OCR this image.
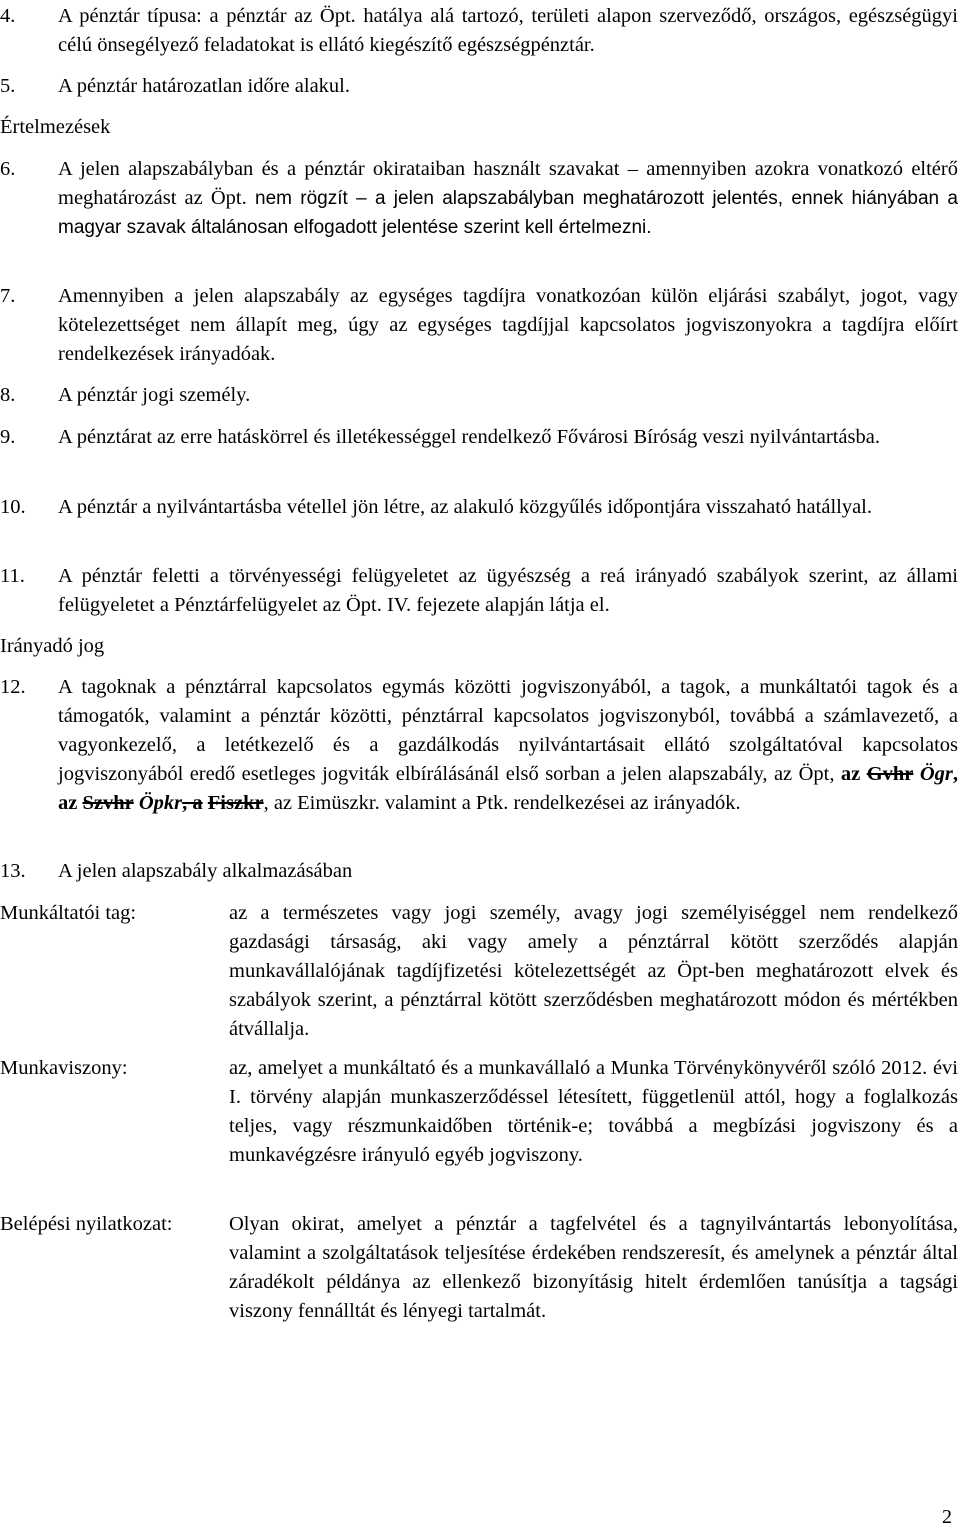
4. A pénztár típusa: a pénztár az Öpt. hatálya alá tartozó, területi alapon szerveződő, országos, egészségügyi célú önsegélyező feladatokat is ellátó kiegészítő egészségpénztár.
5. A pénztár határozatlan időre alakul.
Értelmezések
6. A jelen alapszabályban és a pénztár okirataiban használt szavakat – amennyiben azokra vonatkozó eltérő meghatározást az Öpt. nem rögzít – a jelen alapszabályban meghatározott jelentés, ennek hiányában a magyar szavak általánosan elfogadott jelentése szerint kell értelmezni.
7. Amennyiben a jelen alapszabály az egységes tagdíjra vonatkozóan külön eljárási szabályt, jogot, vagy kötelezettséget nem állapít meg, úgy az egységes tagdíjjal kapcsolatos jogviszonyokra a tagdíjra előírt rendelkezések irányadóak.
8. A pénztár jogi személy.
9. A pénztárat az erre hatáskörrel és illetékességgel rendelkező Fővárosi Bíróság veszi nyilvántartásba.
10. A pénztár a nyilvántartásba vétellel jön létre, az alakuló közgyűlés időpontjára visszaható hatállyal.
11. A pénztár feletti a törvényességi felügyeletet az ügyészség a reá irányadó szabályok szerint, az állami felügyeletet a Pénztárfelügyelet az Öpt. IV. fejezete alapján látja el.
Irányadó jog
12. A tagoknak a pénztárral kapcsolatos egymás közötti jogviszonyából, a tagok, a munkáltatói tagok és a támogatók, valamint a pénztár közötti, pénztárral kapcsolatos jogviszonyból, továbbá a számlavezető, a vagyonkezelő, a letétkezelő és a gazdálkodás nyilvántartásait ellátó szolgáltatóval kapcsolatos jogviszonyából eredő esetleges jogviták elbírálásánál első sorban a jelen alapszabály, az Öpt, az Gvhr Ögr, az Szvhr Öpkr, a Fiszkr, az Eimüszkr. valamint a Ptk. rendelkezései az irányadók.
13. A jelen alapszabály alkalmazásában
Munkáltatói tag:	az a természetes vagy jogi személy, avagy jogi személyiséggel nem rendelkező gazdasági társaság, aki vagy amely a pénztárral kötött szerződés alapján munkavállalójának tagdíjfizetési kötelezettségét az Öpt-ben meghatározott elvek és szabályok szerint, a pénztárral kötött szerződésben meghatározott módon és mértékben átvállalja.
Munkaviszony:	az, amelyet a munkáltató és a munkavállaló a Munka Törvénykönyvéről szóló 2012. évi I. törvény alapján munkaszerződéssel létesített, függetlenül attól, hogy a foglalkozás teljes, vagy részmunkaidőben történik-e; továbbá a megbízási jogviszony és a munkavégzésre irányuló egyéb jogviszony.
Belépési nyilatkozat:	Olyan okirat, amelyet a pénztár a tagfelvétel és a tagnyilvántartás lebonyolítása, valamint a szolgáltatások teljesítése érdekében rendszeresít, és amelynek a pénztár által záradékolt példánya az ellenkező bizonyításig hitelt érdemlően tanúsítja a tagsági viszony fennálltát és lényegi tartalmát.
2
